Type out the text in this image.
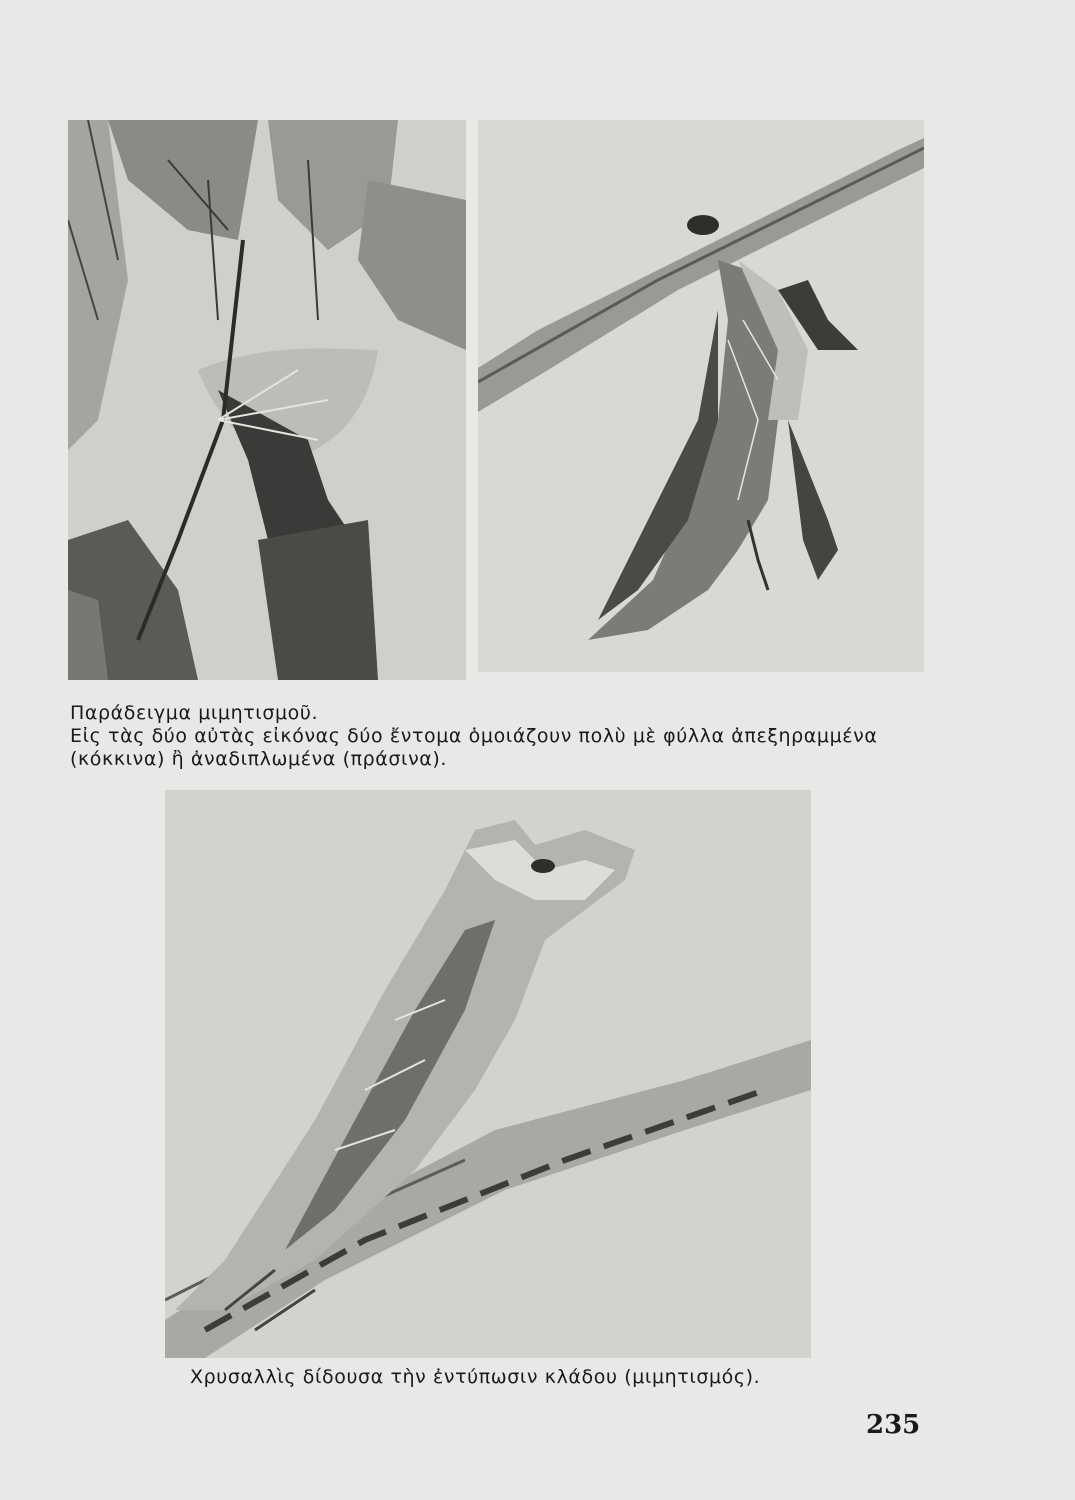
Παράδειγμα μιμητισμοῦ.
Εἰς τὰς δύο αὐτὰς εἰκόνας δύο ἔντομα ὁμοιάζουν πολὺ μὲ φύλλα ἀπεξηραμμένα
(κόκκινα) ἢ ἀναδιπλωμένα (πράσινα).
Χρυσαλλὶς δίδουσα τὴν ἐντύπωσιν κλάδου (μιμητισμός).
235
